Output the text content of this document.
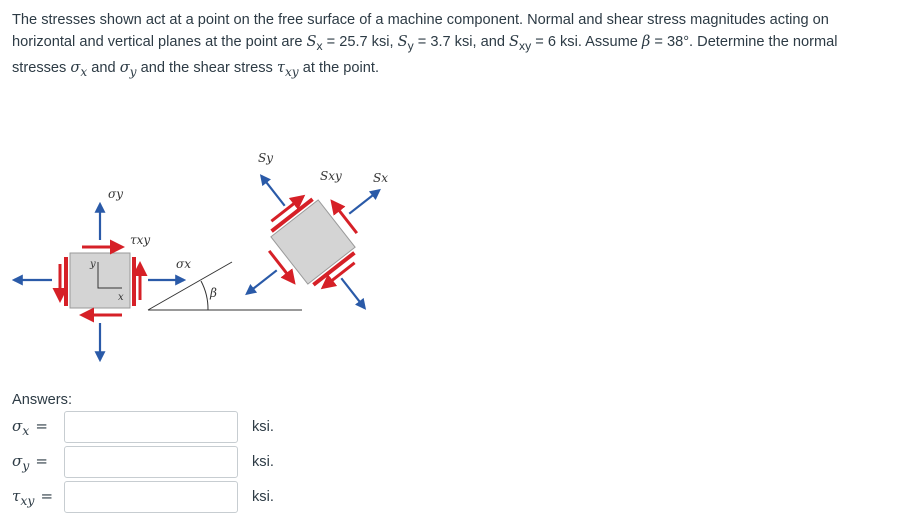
The stresses shown act at a point on the free surface of a machine component. Normal and shear stress magnitudes acting on horizontal and vertical planes at the point are $S_x = 25.7$ ksi, $S_y = 3.7$ ksi, and $S_{xy} = 6$ ksi. Assume β = 38°. Determine the normal stresses $\sigma_x$ and $\sigma_y$ and the shear stress $\tau_{xy}$ at the point.
y
x
σy
τxy
σx
β
Sy
Sxy	Sx
Answers:
$\sigma_x$ =	ksi.
$\sigma_y$ =	ksi.
$\tau_{xy}$ =	ksi.
